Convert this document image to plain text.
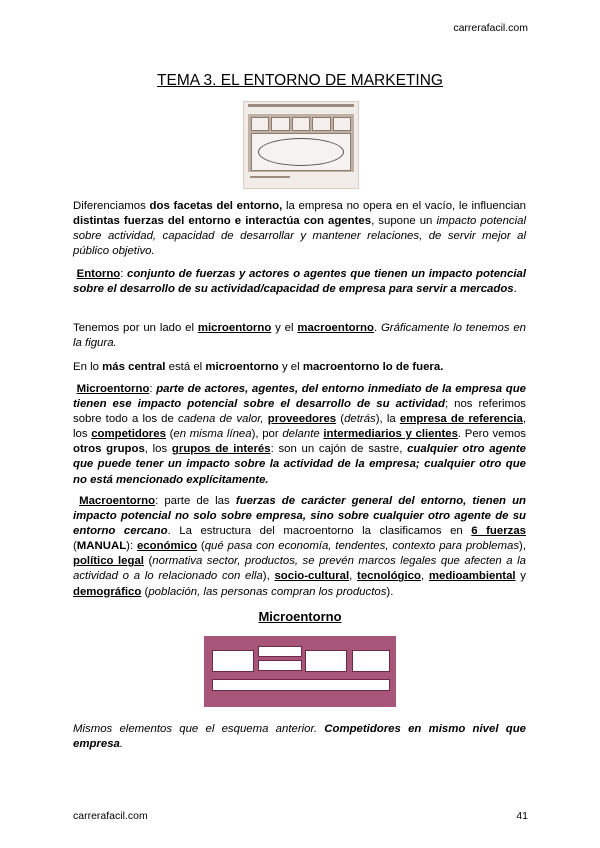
carrerafacil.com
TEMA 3. EL ENTORNO DE MARKETING

Diferenciamos dos facetas del entorno, la empresa no opera en el vacío, le influencian distintas fuerzas del entorno e interactúa con agentes, supone un impacto potencial sobre actividad, capacidad de desarrollar y mantener relaciones, de servir mejor al público objetivo.

Entorno: conjunto de fuerzas y actores o agentes que tienen un impacto potencial sobre el desarrollo de su actividad/capacidad de empresa para servir a mercados.

Tenemos por un lado el microentorno y el macroentorno. Gráficamente lo tenemos en la figura.

En lo más central está el microentorno y el macroentorno lo de fuera.

Microentorno: parte de actores, agentes, del entorno inmediato de la empresa que tienen ese impacto potencial sobre el desarrollo de su actividad; nos referimos sobre todo a los de cadena de valor, proveedores (detrás), la empresa de referencia, los competidores (en misma línea), por delante intermediarios y clientes. Pero vemos otros grupos, los grupos de interés: son un cajón de sastre, cualquier otro agente que puede tener un impacto sobre la actividad de la empresa; cualquier otro que no está mencionado explícitamente.

Macroentorno: parte de las fuerzas de carácter general del entorno, tienen un impacto potencial no solo sobre empresa, sino sobre cualquier otro agente de su entorno cercano. La estructura del macroentorno la clasificamos en 6 fuerzas (MANUAL): económico (qué pasa con economía, tendentes, contexto para problemas), político legal (normativa sector, productos, se prevén marcos legales que afecten a la actividad o a lo relacionado con ella), socio-cultural, tecnológico, medioambiental y demográfico (población, las personas compran los productos).

Microentorno

Mismos elementos que el esquema anterior. Competidores en mismo nivel que empresa.

carrerafacil.com	41
